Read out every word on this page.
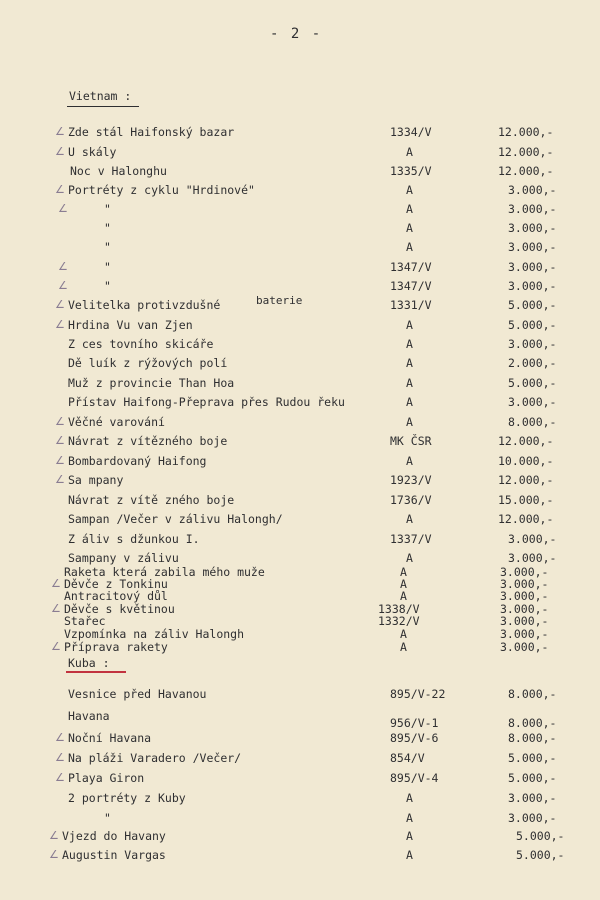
- 2 -
Vietnam :
∠ Zde stál Haifonský bazar	1334/V	12.000,-
∠ U skály	A	12.000,-
Noc v Halonghu	1335/V	12.000,-
∠ Portréty z cyklu "Hrdinové"	A	3.000,-
∠	"	A	3.000,-
"	A	3.000,-
"	A	3.000,-
∠	"	1347/V	3.000,-
∠	"	1347/V	3.000,-
∠ Velitelka protivzdušné	1331/V	5.000,-
∠ Hrdina Vu van Zjen	A	5.000,-
Z ces tovního skicáře	A	3.000,-
Dě luík z rýžových polí	A	2.000,-
Muž z provincie Than Hoa	A	5.000,-
Přístav Haifong-Přeprava přes Rudou řeku	A	3.000,-
∠ Věčné varování	A	8.000,-
∠ Návrat z vítězného boje	MK ČSR	12.000,-
∠ Bombardovaný Haifong	A	10.000,-
∠ Sa mpany	1923/V	12.000,-
Návrat z vítě zného boje	1736/V	15.000,-
Sampan /Večer v zálivu Halongh/	A	12.000,-
Z áliv s džunkou I.	1337/V	3.000,-
Sampany v zálivu	A	3.000,-
Raketa která zabila mého muže	A	3.000,-
∠ Děvče z Tonkinu	A	3.000,-
Antracitový důl	A	3.000,-
∠ Děvče s květinou	1338/V	3.000,-
Stařec	1332/V	3.000,-
Vzpomínka na záliv Halongh	A	3.000,-
∠ Příprava rakety	A	3.000,-
Vesnice před Havanou	895/V-22	8.000,-
Havana	956/V-1	8.000,-
∠ Noční Havana	895/V-6	8.000,-
∠ Na pláži Varadero /Večer/	854/V	5.000,-
∠ Playa Giron	895/V-4	5.000,-
2 portréty z Kuby	A	3.000,-
"	A	3.000,-
∠ Vjezd do Havany	A	5.000,-
∠ Augustin Vargas	A	5.000,-
baterie
Kuba :
